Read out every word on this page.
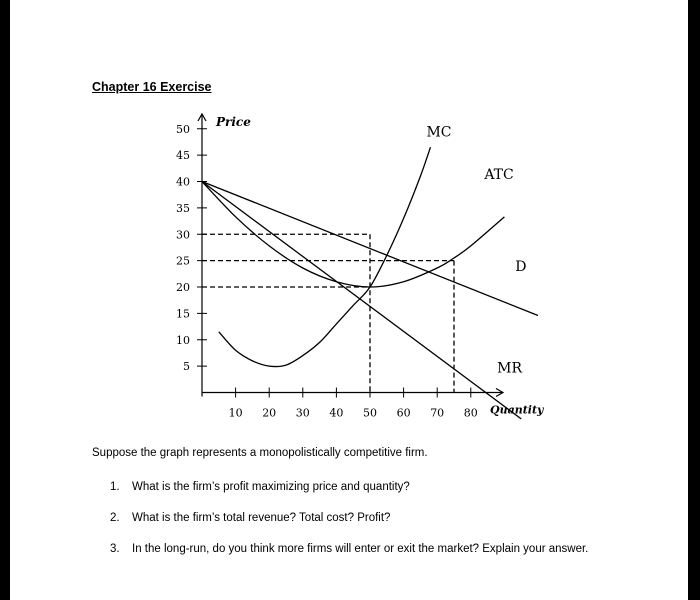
Chapter 16 Exercise
5
10
15
20
25
30
35
40
45
50
10 20 30 40 50 60 70 80
Price
Quantity
MC
ATC
D
MR
Suppose the graph represents a monopolistically competitive firm.
1. What is the firm’s profit maximizing price and quantity?
2. What is the firm’s total revenue? Total cost? Profit?
3. In the long-run, do you think more firms will enter or exit the market? Explain your answer.
